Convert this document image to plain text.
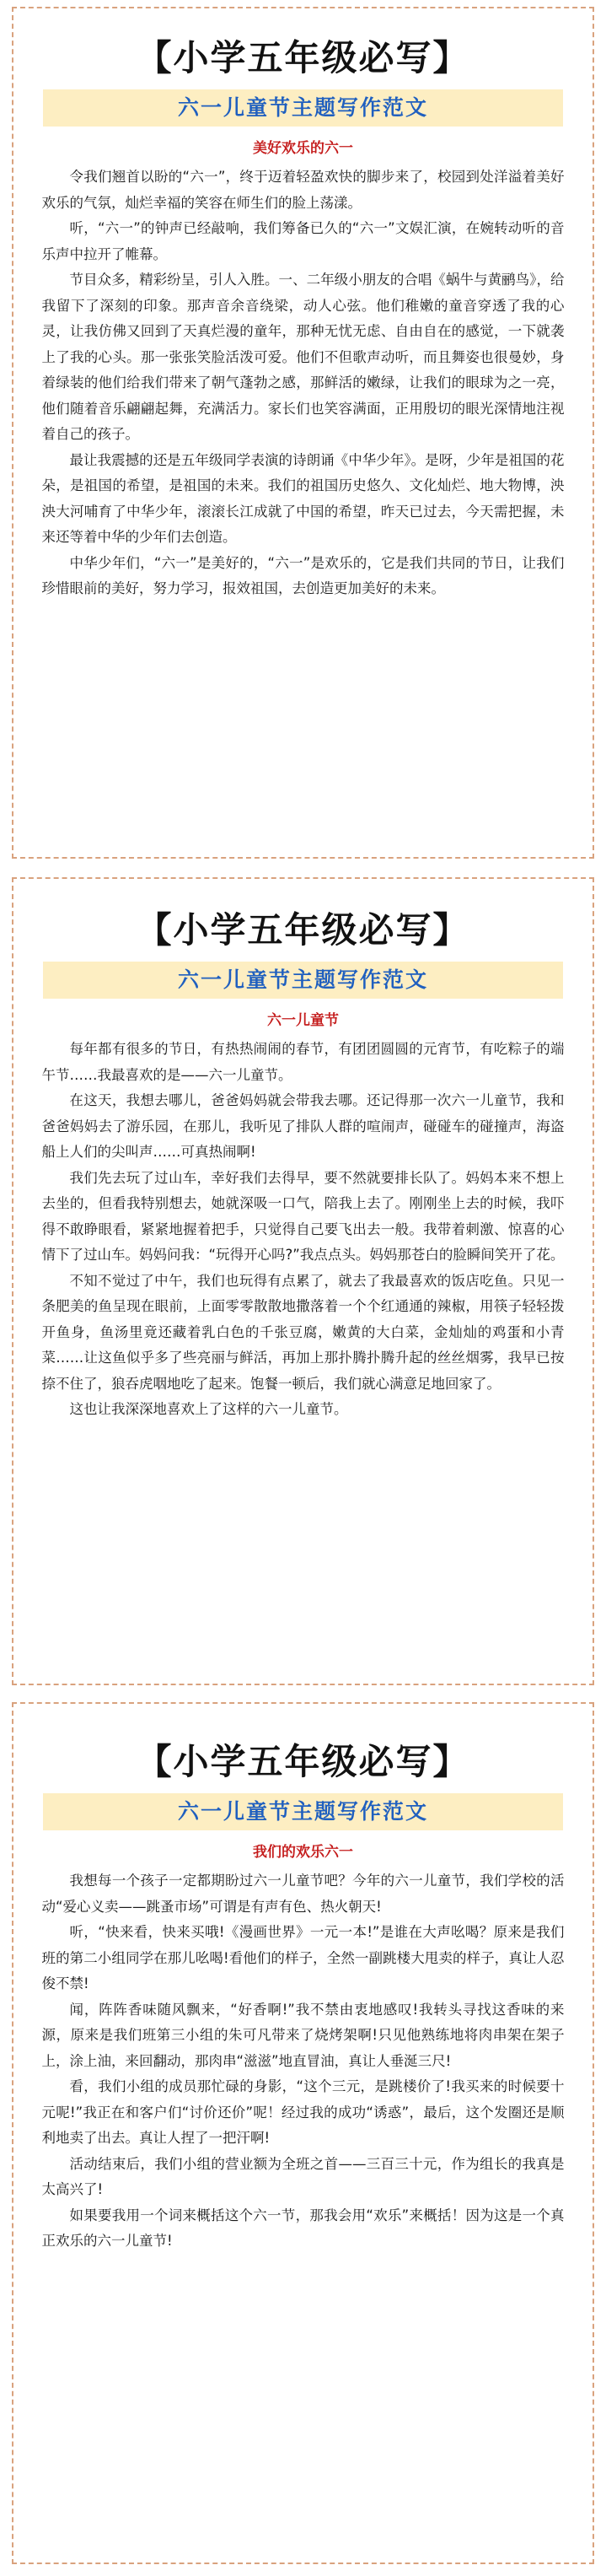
【小学五年级必写】
六一儿童节主题写作范文
美好欢乐的六一

令我们翘首以盼的“六一”，终于迈着轻盈欢快的脚步来了，校园到处洋溢着美好欢乐的气氛，灿烂幸福的笑容在师生们的脸上荡漾。

听，“六一”的钟声已经敲响，我们筹备已久的“六一”文娱汇演，在婉转动听的音乐声中拉开了帷幕。

节目众多，精彩纷呈，引人入胜。一、二年级小朋友的合唱《蜗牛与黄鹂鸟》，给我留下了深刻的印象。那声音余音绕梁，动人心弦。他们稚嫩的童音穿透了我的心灵，让我仿佛又回到了天真烂漫的童年，那种无忧无虑、自由自在的感觉，一下就袭上了我的心头。那一张张笑脸活泼可爱。他们不但歌声动听，而且舞姿也很曼妙，身着绿装的他们给我们带来了朝气蓬勃之感，那鲜活的嫩绿，让我们的眼球为之一亮，他们随着音乐翩翩起舞，充满活力。家长们也笑容满面，正用殷切的眼光深情地注视着自己的孩子。

最让我震撼的还是五年级同学表演的诗朗诵《中华少年》。是呀，少年是祖国的花朵，是祖国的希望，是祖国的未来。我们的祖国历史悠久、文化灿烂、地大物博，泱泱大河哺育了中华少年，滚滚长江成就了中国的希望，昨天已过去，今天需把握，未来还等着中华的少年们去创造。

中华少年们，“六一”是美好的，“六一”是欢乐的，它是我们共同的节日，让我们珍惜眼前的美好，努力学习，报效祖国，去创造更加美好的未来。

【小学五年级必写】
六一儿童节主题写作范文
六一儿童节

每年都有很多的节日，有热热闹闹的春节，有团团圆圆的元宵节，有吃粽子的端午节……我最喜欢的是——六一儿童节。

在这天，我想去哪儿，爸爸妈妈就会带我去哪。还记得那一次六一儿童节，我和爸爸妈妈去了游乐园，在那儿，我听见了排队人群的喧闹声，碰碰车的碰撞声，海盗船上人们的尖叫声……可真热闹啊!

我们先去玩了过山车，幸好我们去得早，要不然就要排长队了。妈妈本来不想上去坐的，但看我特别想去，她就深吸一口气，陪我上去了。刚刚坐上去的时候，我吓得不敢睁眼看，紧紧地握着把手，只觉得自己要飞出去一般。我带着刺激、惊喜的心情下了过山车。妈妈问我：“玩得开心吗?”我点点头。妈妈那苍白的脸瞬间笑开了花。

不知不觉过了中午，我们也玩得有点累了，就去了我最喜欢的饭店吃鱼。只见一条肥美的鱼呈现在眼前，上面零零散散地撒落着一个个红通通的辣椒，用筷子轻轻拨开鱼身，鱼汤里竟还藏着乳白色的千张豆腐，嫩黄的大白菜，金灿灿的鸡蛋和小青菜……让这鱼似乎多了些亮丽与鲜活，再加上那扑腾扑腾升起的丝丝烟雾，我早已按捺不住了，狼吞虎咽地吃了起来。饱餐一顿后，我们就心满意足地回家了。

这也让我深深地喜欢上了这样的六一儿童节。

【小学五年级必写】
六一儿童节主题写作范文
我们的欢乐六一

我想每一个孩子一定都期盼过六一儿童节吧？今年的六一儿童节，我们学校的活动“爱心义卖——跳蚤市场”可谓是有声有色、热火朝天!

听，“快来看，快来买哦!《漫画世界》一元一本!”是谁在大声吆喝？原来是我们班的第二小组同学在那儿吆喝!看他们的样子，全然一副跳楼大甩卖的样子，真让人忍俊不禁!

闻，阵阵香味随风飘来，“好香啊!”我不禁由衷地感叹!我转头寻找这香味的来源，原来是我们班第三小组的朱可凡带来了烧烤架啊!只见他熟练地将肉串架在架子上，涂上油，来回翻动，那肉串“滋滋”地直冒油，真让人垂涎三尺!

看，我们小组的成员那忙碌的身影，“这个三元，是跳楼价了!我买来的时候要十元呢!”我正在和客户们“讨价还价”呢！经过我的成功“诱惑”，最后，这个发圈还是顺利地卖了出去。真让人捏了一把汗啊!

活动结束后，我们小组的营业额为全班之首——三百三十元，作为组长的我真是太高兴了!

如果要我用一个词来概括这个六一节，那我会用“欢乐”来概括！因为这是一个真正欢乐的六一儿童节!
